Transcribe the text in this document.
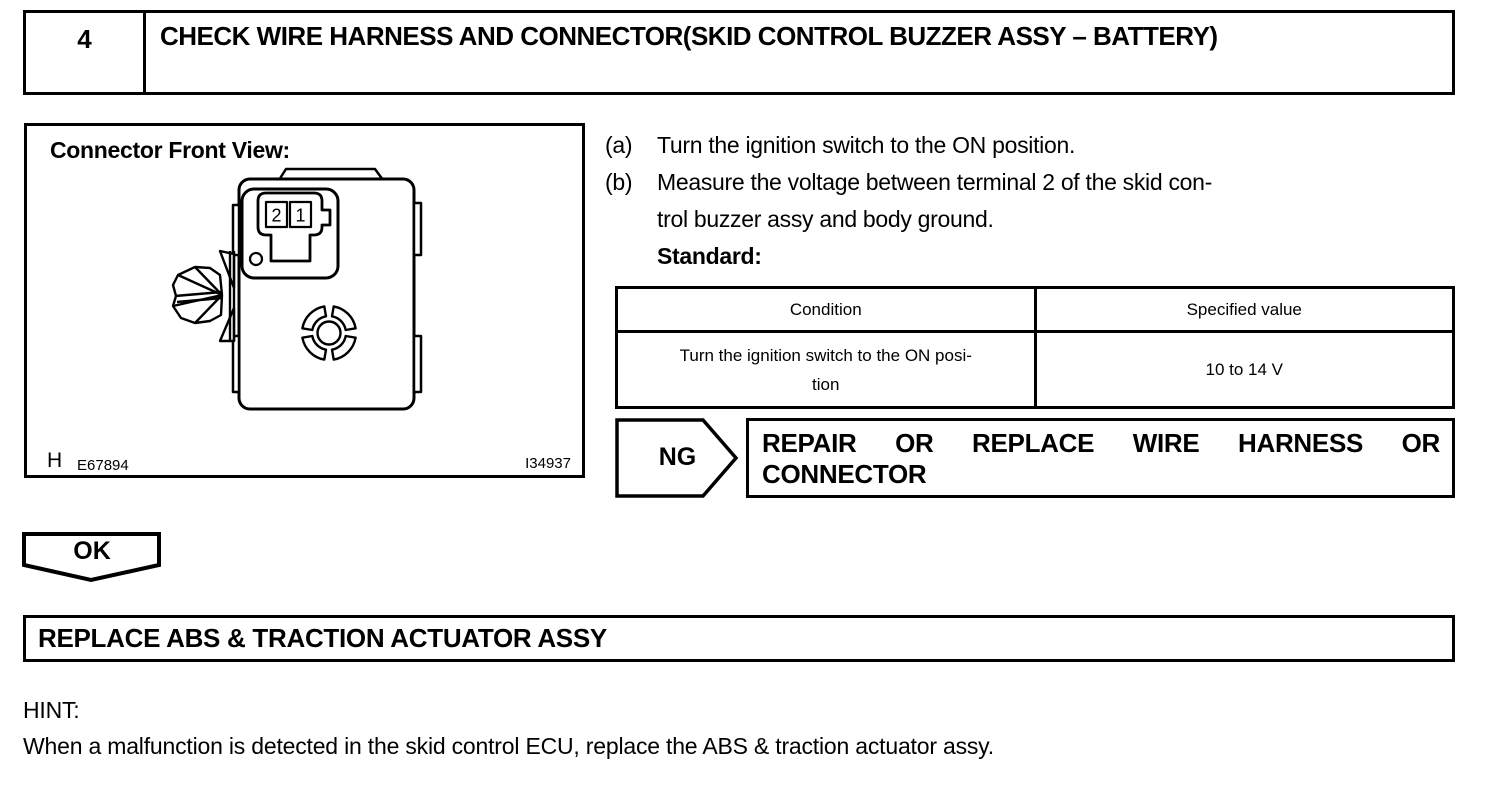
4	CHECK WIRE HARNESS AND CONNECTOR(SKID CONTROL BUZZER ASSY – BATTERY)
2 1
Connector Front View:
H E67894	I34937
(a) Turn the ignition switch to the ON position.
(b) Measure the voltage between terminal 2 of the skid con-
trol buzzer assy and body ground.
Standard:
Condition	Specified value

Turn the ignition switch to the ON posi-
tion	10 to 14 V
NG	REPAIR OR REPLACE WIRE HARNESS OR
CONNECTOR
OK
REPLACE ABS & TRACTION ACTUATOR ASSY
HINT:
When a malfunction is detected in the skid control ECU, replace the ABS & traction actuator assy.
